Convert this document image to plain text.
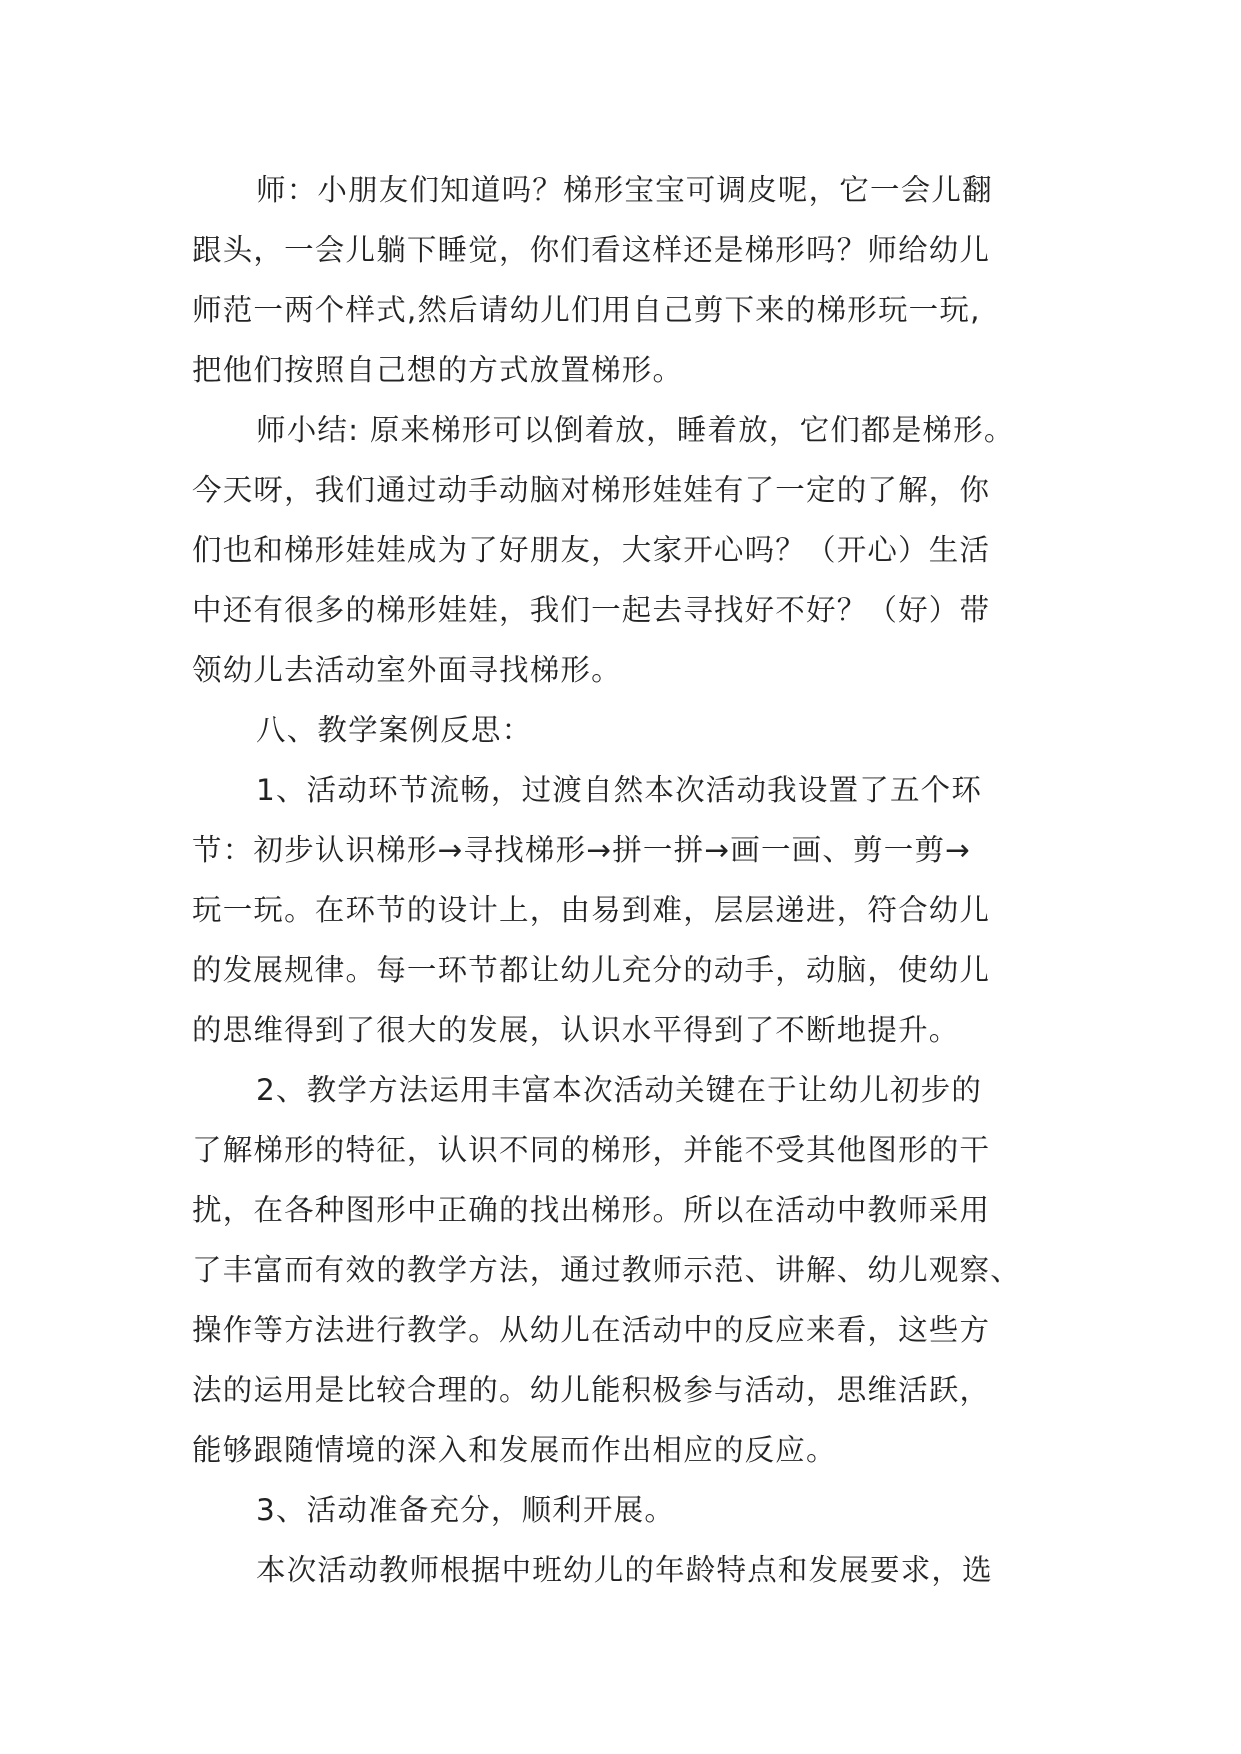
师：小朋友们知道吗？梯形宝宝可调皮呢，它一会儿翻
跟头，一会儿躺下睡觉，你们看这样还是梯形吗？师给幼儿
师范一两个样式,然后请幼儿们用自己剪下来的梯形玩一玩,
把他们按照自己想的方式放置梯形。
师小结: 原来梯形可以倒着放，睡着放，它们都是梯形。
今天呀，我们通过动手动脑对梯形娃娃有了一定的了解，你
们也和梯形娃娃成为了好朋友，大家开心吗？（开心）生活
中还有很多的梯形娃娃，我们一起去寻找好不好？（好）带
领幼儿去活动室外面寻找梯形。
八、教学案例反思：
1、活动环节流畅，过渡自然本次活动我设置了五个环
节：初步认识梯形→寻找梯形→拼一拼→画一画、剪一剪→
玩一玩。在环节的设计上，由易到难，层层递进，符合幼儿
的发展规律。每一环节都让幼儿充分的动手，动脑，使幼儿
的思维得到了很大的发展，认识水平得到了不断地提升。
2、教学方法运用丰富本次活动关键在于让幼儿初步的
了解梯形的特征，认识不同的梯形，并能不受其他图形的干
扰，在各种图形中正确的找出梯形。所以在活动中教师采用
了丰富而有效的教学方法，通过教师示范、讲解、幼儿观察、
操作等方法进行教学。从幼儿在活动中的反应来看，这些方
法的运用是比较合理的。幼儿能积极参与活动，思维活跃，
能够跟随情境的深入和发展而作出相应的反应。
3、活动准备充分，顺利开展。
本次活动教师根据中班幼儿的年龄特点和发展要求，选
